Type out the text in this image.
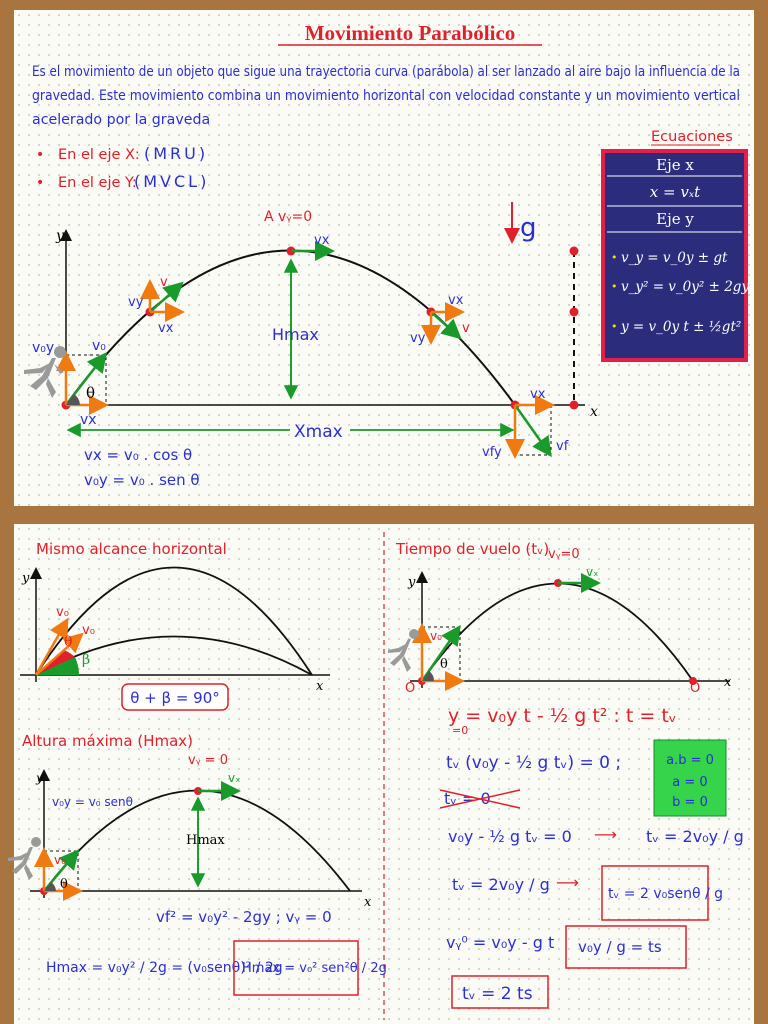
Movimiento Parabólico
Es el movimiento de un objeto que sigue una trayectoria curva (parábola) al ser lanzado al aire bajo la influencia de la
gravedad. Este movimiento combina un movimiento horizontal con velocidad constante y un movimiento vertical
acelerado por la graveda
• En el eje X: (MRU)
• En el eje Y:
(MVCL)
Ecuaciones
Eje x
x = vₓt
Eje y
• v_y = v_0y ± gt
• v_y² = v_0y² ± 2gy
• y = v_0y t ± ½gt²
y
x
g
θ
v₀
v₀y
vx
v
vy
vx
A vᵧ=0
vx
Hmax
vx
v
vy
vx
vfy	vf
Xmax
vx = v₀ . cos θ
v₀y = v₀ . sen θ
Mismo alcance horizontal
y
x
v₀
v₀
θ
β
θ + β = 90°
Altura máxima (Hmax)
y
x
vᵧ = 0
vₓ
Hmax
θ
v₀
v₀y = v₀ senθ
vf² = v₀y² - 2gy ; vᵧ = 0
Hmax = v₀y² / 2g = (v₀senθ)² / 2g
Hmax = v₀² sen²θ / 2g
Tiempo de vuelo (tᵥ)
y
x
vᵧ=0
vₓ
θ
v₀
O	O
y = v₀y t - ½ g t² : t = tᵥ
=0
tᵥ (v₀y - ½ g tᵥ) = 0 ;	a.b = 0
a = 0
b = 0
tᵥ = 0
v₀y - ½ g tᵥ = 0 ⟶ tᵥ = 2v₀y / g
tᵥ = 2v₀y / g ⟶
tᵥ = 2 v₀senθ / g
vᵧ⁰ = v₀y - g t v₀y / g = ts
tᵥ = 2 ts
